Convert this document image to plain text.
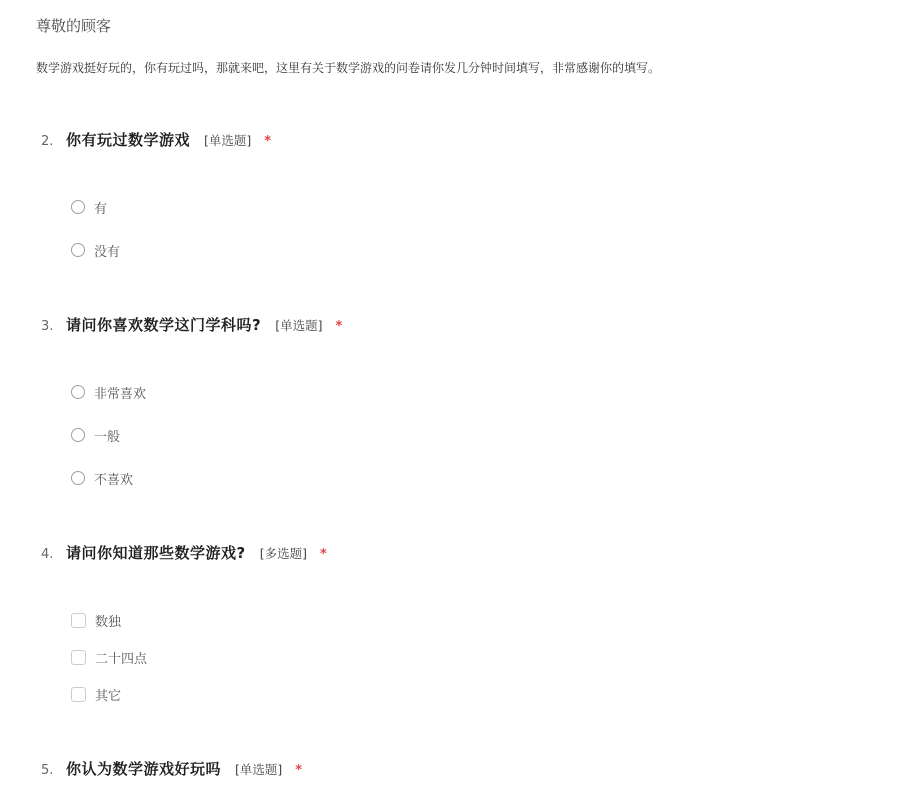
尊敬的顾客
数学游戏挺好玩的，你有玩过吗，那就来吧，这里有关于数学游戏的问卷请你发几分钟时间填写，非常感谢你的填写。
2. 你有玩过数学游戏 [单选题] *
有
没有
3. 请问你喜欢数学这门学科吗? [单选题] *
非常喜欢
一般
不喜欢
4. 请问你知道那些数学游戏? [多选题] *
数独
二十四点
其它
5. 你认为数学游戏好玩吗 [单选题] *
